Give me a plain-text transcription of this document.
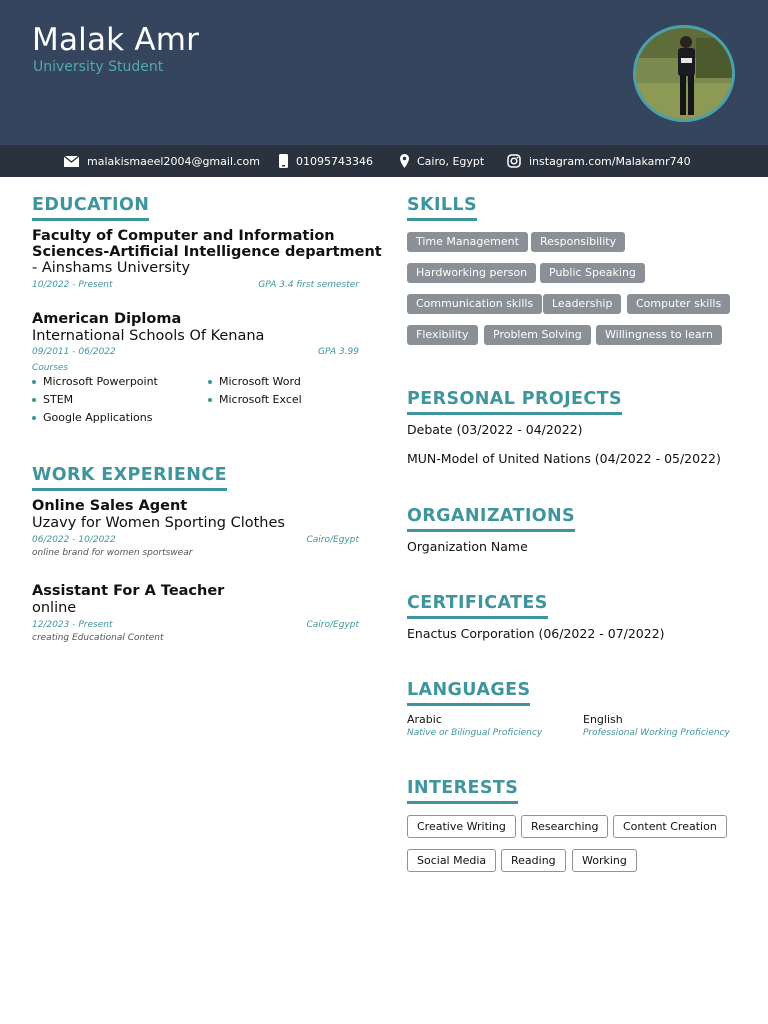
Malak Amr
University Student
malakismaeel2004@gmail.com	01095743346	Cairo, Egypt	instagram.com/Malakamr740
EDUCATION
Faculty of Computer and Information
Sciences-Artificial Intelligence department
- Ainshams University
10/2022 - Present	GPA 3.4 first semester
American Diploma
International Schools Of Kenana
09/2011 - 06/2022	GPA 3.99
Courses
Microsoft Powerpoint	Microsoft Word
STEM	Microsoft Excel
Google Applications
WORK EXPERIENCE
Online Sales Agent
Uzavy for Women Sporting Clothes
06/2022 - 10/2022	Cairo/Egypt
online brand for women sportswear
Assistant For A Teacher
online
12/2023 - Present	Cairo/Egypt
creating Educational Content
SKILLS
Time Management	Responsibility
Hardworking person	Public Speaking
Communication skills	Leadership	Computer skills
Flexibility	Problem Solving	Willingness to learn
PERSONAL PROJECTS
Debate (03/2022 - 04/2022)
MUN-Model of United Nations (04/2022 - 05/2022)
ORGANIZATIONS
Organization Name
CERTIFICATES
Enactus Corporation (06/2022 - 07/2022)
LANGUAGES
Arabic
Native or Bilingual Proficiency
English
Professional Working Proficiency
INTERESTS
Creative Writing	Researching	Content Creation
Social Media	Reading	Working
